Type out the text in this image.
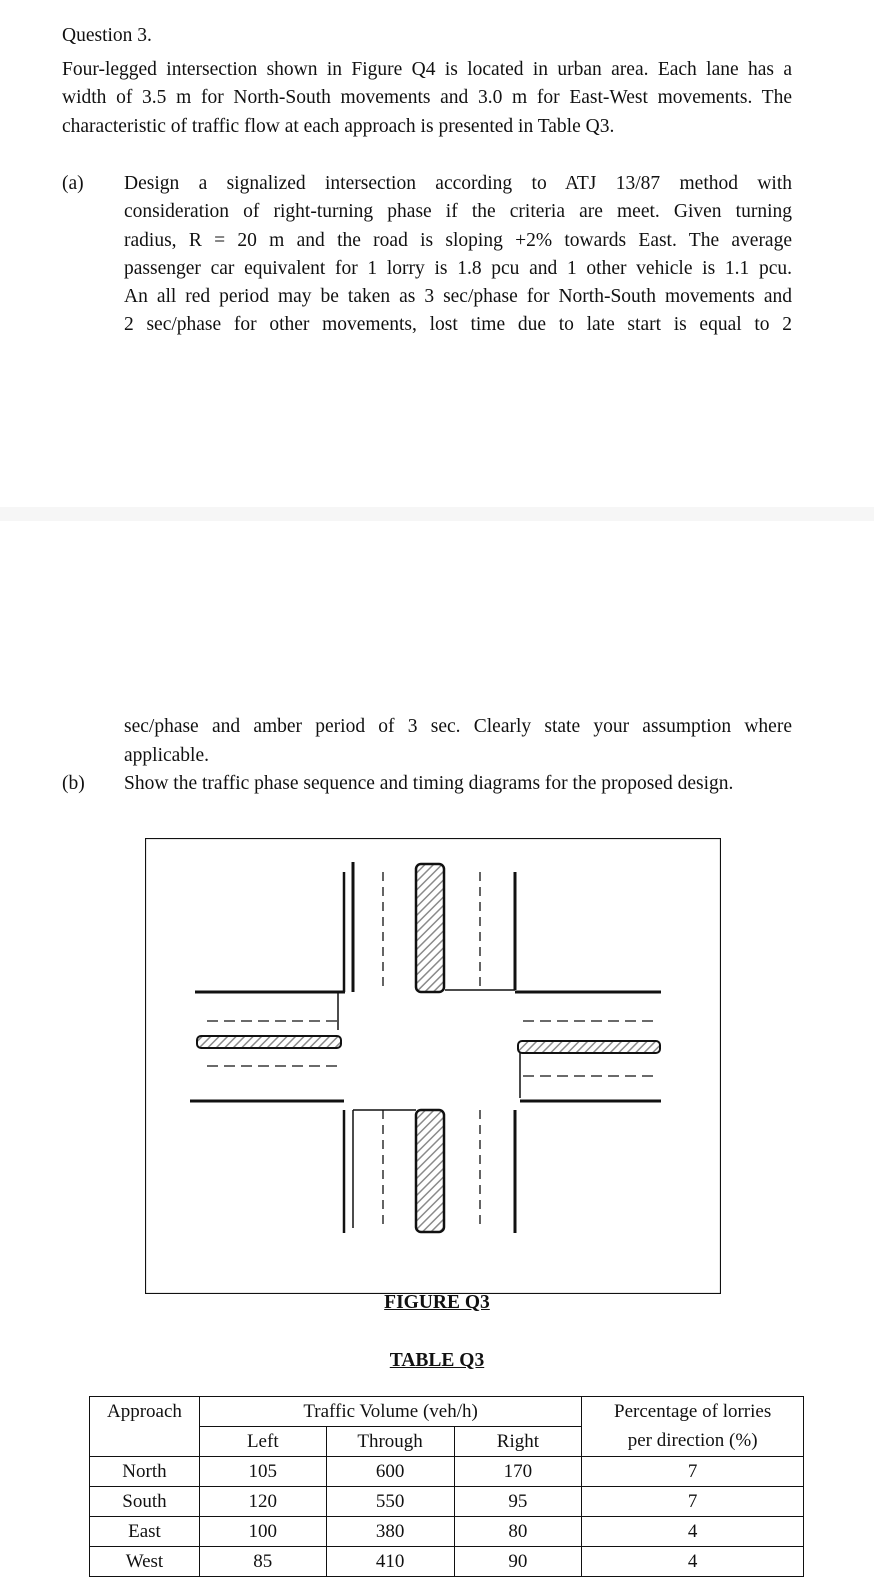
Question 3.
Four-legged intersection shown in Figure Q4 is located in urban area. Each lane has a
width of 3.5 m for North-South movements and 3.0 m for East-West movements. The
characteristic of traffic flow at each approach is presented in Table Q3.
(a) Design a signalized intersection according to ATJ 13/87 method with
consideration of right-turning phase if the criteria are meet. Given turning
radius, R = 20 m and the road is sloping +2% towards East. The average
passenger car equivalent for 1 lorry is 1.8 pcu and 1 other vehicle is 1.1 pcu.
An all red period may be taken as 3 sec/phase for North-South movements and
2 sec/phase for other movements, lost time due to late start is equal to 2
sec/phase and amber period of 3 sec. Clearly state your assumption where
applicable.
(b) Show the traffic phase sequence and timing diagrams for the proposed design.
FIGURE Q3
TABLE Q3
Approach	Traffic Volume (veh/h)			Percentage of lorries
	Left	Through	Right	per direction (%)
North	105	600	170	7
South	120	550	95	7
East	100	380	80	4
West	85	410	90	4
